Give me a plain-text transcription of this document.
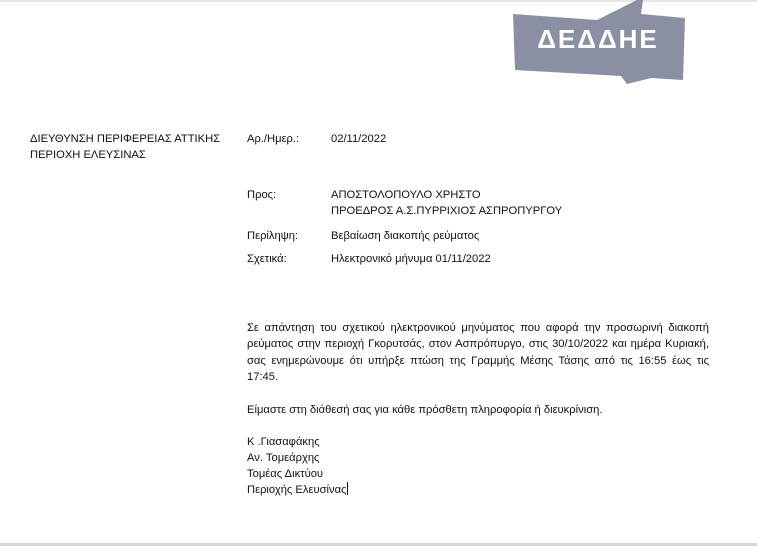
ΔΕΔΔΗΕ
ΔΙΕΥΘΥΝΣΗ ΠΕΡΙΦΕΡΕΙΑΣ ΑΤΤΙΚΗΣ
ΠΕΡΙΟΧΗ ΕΛΕΥΣΙΝΑΣ
Αρ./Ημερ.:	02/11/2022
Προς:	ΑΠΟΣΤΟΛΟΠΟΥΛΟ ΧΡΗΣΤΟ
ΠΡΟΕΔΡΟΣ Α.Σ.ΠΥΡΡΙΧΙΟΣ ΑΣΠΡΟΠΥΡΓΟΥ
Περίληψη:	Βεβαίωση διακοπής ρεύματος
Σχετικά:	Ηλεκτρονικό μήνυμα 01/11/2022
Σε απάντηση του σχετικού ηλεκτρονικού μηνύματος που αφορά την προσωρινή διακοπή ρεύματος στην περιοχή Γκορυτσάς, στον Ασπρόπυργο, στις 30/10/2022 και ημέρα Κυριακή, σας ενημερώνουμε ότι υπήρξε πτώση της Γραμμής Μέσης Τάσης από τις 16:55 έως τις 17:45.
Είμαστε στη διάθεσή σας για κάθε πρόσθετη πληροφορία ή διευκρίνιση.
Κ .Γιασαφάκης
Αν. Τομεάρχης
Τομέας Δικτύου
Περιοχής Ελευσίνας
